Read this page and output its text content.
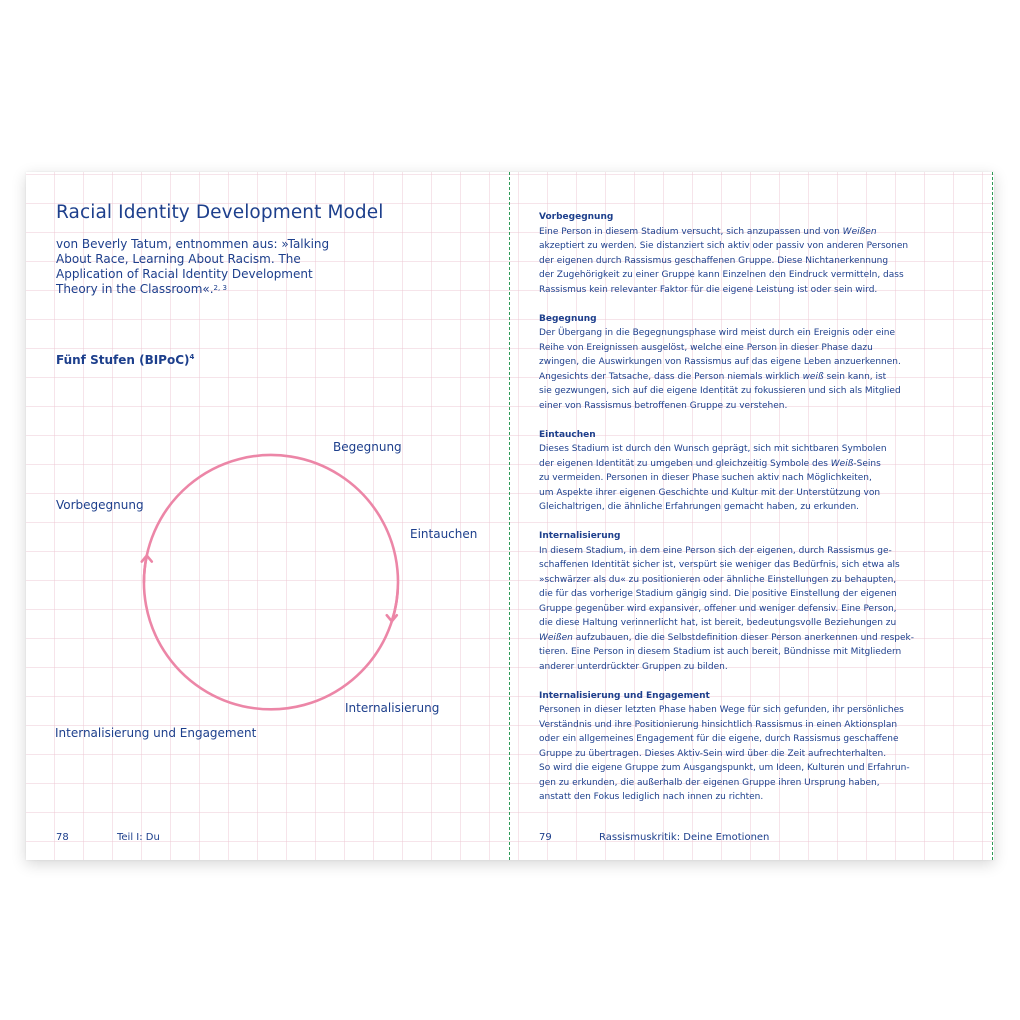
Racial Identity Development Model
von Beverly Tatum, entnommen aus: »Talking About Race, Learning About Racism. The Application of Racial Identity Development Theory in the Classroom«.$^{2, 3}$
Fünf Stufen (BIPoC)$^4$
Begegnung
Vorbegegnung
Eintauchen
Internalisierung
Internalisierung und Engagement
78	Teil I: Du
Vorbegegnung

Eine Person in diesem Stadium versucht, sich anzupassen und von Weißen
akzeptiert zu werden. Sie distanziert sich aktiv oder passiv von anderen Personen
der eigenen durch Rassismus geschaffenen Gruppe. Diese Nichtanerkennung
der Zugehörigkeit zu einer Gruppe kann Einzelnen den Eindruck vermitteln, dass
Rassismus kein relevanter Faktor für die eigene Leistung ist oder sein wird.

Begegnung

Der Übergang in die Begegnungsphase wird meist durch ein Ereignis oder eine
Reihe von Ereignissen ausgelöst, welche eine Person in dieser Phase dazu
zwingen, die Auswirkungen von Rassismus auf das eigene Leben anzuerkennen.
Angesichts der Tatsache, dass die Person niemals wirklich weiß sein kann, ist
sie gezwungen, sich auf die eigene Identität zu fokussieren und sich als Mitglied
einer von Rassismus betroffenen Gruppe zu verstehen.

Eintauchen

Dieses Stadium ist durch den Wunsch geprägt, sich mit sichtbaren Symbolen
der eigenen Identität zu umgeben und gleichzeitig Symbole des Weiß-Seins
zu vermeiden. Personen in dieser Phase suchen aktiv nach Möglichkeiten,
um Aspekte ihrer eigenen Geschichte und Kultur mit der Unterstützung von
Gleichaltrigen, die ähnliche Erfahrungen gemacht haben, zu erkunden.

Internalisierung

In diesem Stadium, in dem eine Person sich der eigenen, durch Rassismus ge-
schaffenen Identität sicher ist, verspürt sie weniger das Bedürfnis, sich etwa als
»schwärzer als du« zu positionieren oder ähnliche Einstellungen zu behaupten,
die für das vorherige Stadium gängig sind. Die positive Einstellung der eigenen
Gruppe gegenüber wird expansiver, offener und weniger defensiv. Eine Person,
die diese Haltung verinnerlicht hat, ist bereit, bedeutungsvolle Beziehungen zu
Weißen aufzubauen, die die Selbstdefinition dieser Person anerkennen und respek-
tieren. Eine Person in diesem Stadium ist auch bereit, Bündnisse mit Mitgliedern
anderer unterdrückter Gruppen zu bilden.

Internalisierung und Engagement

Personen in dieser letzten Phase haben Wege für sich gefunden, ihr persönliches
Verständnis und ihre Positionierung hinsichtlich Rassismus in einen Aktionsplan
oder ein allgemeines Engagement für die eigene, durch Rassismus geschaffene
Gruppe zu übertragen. Dieses Aktiv-Sein wird über die Zeit aufrechterhalten.
So wird die eigene Gruppe zum Ausgangspunkt, um Ideen, Kulturen und Erfahrun-
gen zu erkunden, die außerhalb der eigenen Gruppe ihren Ursprung haben,
anstatt den Fokus lediglich nach innen zu richten.

79	Rassismuskritik: Deine Emotionen
